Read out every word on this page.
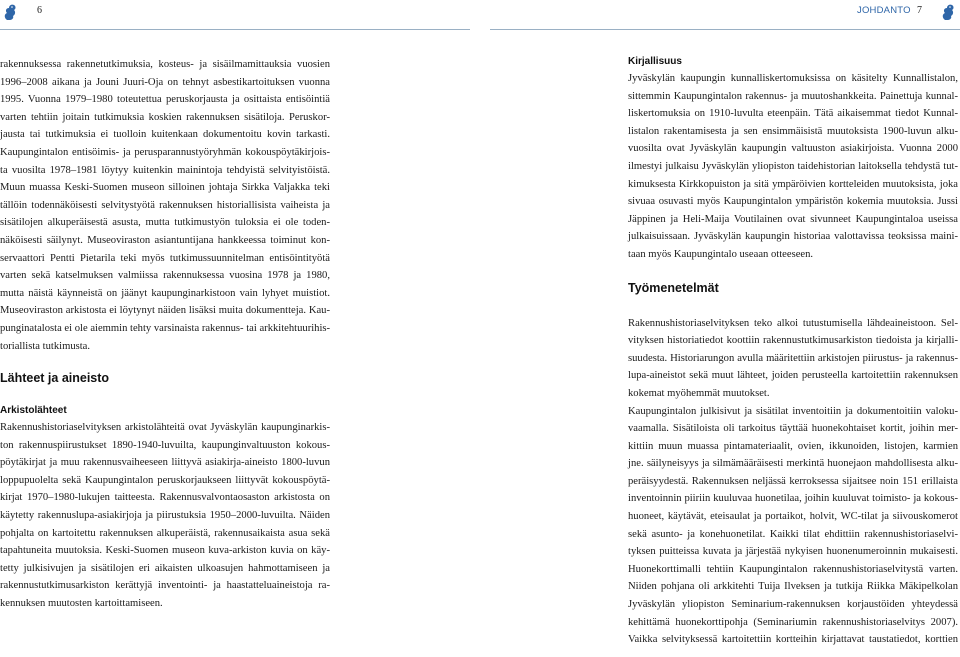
6	JOHDANTO 7

rakennuksessa rakennetutkimuksia, kosteus- ja sisäilmamittauksia vuosien

1996–2008 aikana ja Jouni Juuri-Oja on tehnyt asbestikartoituksen vuonna

1995. Vuonna 1979–1980 toteutettua peruskorjausta ja osittaista entisöintiä

varten tehtiin joitain tutkimuksia koskien rakennuksen sisätiloja. Peruskor-

jausta tai tutkimuksia ei tuolloin kuitenkaan dokumentoitu kovin tarkasti.

Kaupungintalon entisöimis- ja perusparannustyöryhmän kokouspöytäkirjois-

ta vuosilta 1978–1981 löytyy kuitenkin mainintoja tehdyistä selvityistöistä.

Muun muassa Keski-Suomen museon silloinen johtaja Sirkka Valjakka teki

tällöin todennäköisesti selvitystyötä rakennuksen historiallisista vaiheista ja

sisätilojen alkuperäisestä asusta, mutta tutkimustyön tuloksia ei ole toden-

näköisesti säilynyt. Museoviraston asiantuntijana hankkeessa toiminut kon-

servaattori Pentti Pietarila teki myös tutkimussuunnitelman entisöintityötä

varten sekä katselmuksen valmiissa rakennuksessa vuosina 1978 ja 1980,

mutta näistä käynneistä on jäänyt kaupunginarkistoon vain lyhyet muistiot.

Museoviraston arkistosta ei löytynyt näiden lisäksi muita dokumentteja. Kau-

punginatalosta ei ole aiemmin tehty varsinaista rakennus- tai arkkitehtuurihis-

toriallista tutkimusta.

Lähteet ja aineisto
Arkistolähteet

Rakennushistoriaselvityksen arkistolähteitä ovat Jyväskylän kaupunginarkis-

ton rakennuspiirustukset 1890-1940-luvuilta, kaupunginvaltuuston kokous-

pöytäkirjat ja muu rakennusvaiheeseen liittyvä asiakirja-aineisto 1800-luvun

loppupuolelta sekä Kaupungintalon peruskorjaukseen liittyvät kokouspöytä-

kirjat 1970–1980-lukujen taitteesta. Rakennusvalvontaosaston arkistosta on

käytetty rakennuslupa-asiakirjoja ja piirustuksia 1950–2000-luvuilta. Näiden

pohjalta on kartoitettu rakennuksen alkuperäistä, rakennusaikaista asua sekä

tapahtuneita muutoksia. Keski-Suomen museon kuva-arkiston kuvia on käy-

tetty julkisivujen ja sisätilojen eri aikaisten ulkoasujen hahmottamiseen ja

rakennustutkimusarkiston kerättyjä inventointi- ja haastatteluaineistoja ra-

kennuksen muutosten kartoittamiseen.

Kirjallisuus

Jyväskylän kaupungin kunnalliskertomuksissa on käsitelty Kunnallistalon,

sittemmin Kaupungintalon rakennus- ja muutoshankkeita. Painettuja kunnal-

liskertomuksia on 1910-luvulta eteenpäin. Tätä aikaisemmat tiedot Kunnal-

listalon rakentamisesta ja sen ensimmäisistä muutoksista 1900-luvun alku-

vuosilta ovat Jyväskylän kaupungin valtuuston asiakirjoista. Vuonna 2000

ilmestyi julkaisu Jyväskylän yliopiston taidehistorian laitoksella tehdystä tut-

kimuksesta Kirkkopuiston ja sitä ympäröivien kortteleiden muutoksista, joka

sivuaa osuvasti myös Kaupungintalon ympäristön kokemia muutoksia. Jussi

Jäppinen ja Heli-Maija Voutilainen ovat sivunneet Kaupungintaloa useissa

julkaisuissaan. Jyväskylän kaupungin historiaa valottavissa teoksissa maini-

taan myös Kaupungintalo useaan otteeseen.

Työmenetelmät

Rakennushistoriaselvityksen teko alkoi tutustumisella lähdeaineistoon. Sel-

vityksen historiatiedot koottiin rakennustutkimusarkiston tiedoista ja kirjalli-

suudesta. Historiarungon avulla määritettiin arkistojen piirustus- ja rakennus-

lupa-aineistot sekä muut lähteet, joiden perusteella kartoitettiin rakennuksen

kokemat myöhemmät muutokset.

Kaupungintalon julkisivut ja sisätilat inventoitiin ja dokumentoitiin valoku-

vaamalla. Sisätiloista oli tarkoitus täyttää huonekohtaiset kortit, joihin mer-

kittiin muun muassa pintamateriaalit, ovien, ikkunoiden, listojen, karmien

jne. säilyneisyys ja silmämääräisesti merkintä huonejaon mahdollisesta alku-

peräisyydestä. Rakennuksen neljässä kerroksessa sijaitsee noin 151 erillaista

inventoinnin piiriin kuuluvaa huonetilaa, joihin kuuluvat toimisto- ja kokous-

huoneet, käytävät, eteisaulat ja portaikot, holvit, WC-tilat ja siivouskomerot

sekä asunto- ja konehuonetilat. Kaikki tilat ehdittiin rakennushistoriaselvi-

tyksen puitteissa kuvata ja järjestää nykyisen huonenumeroinnin mukaisesti.

Huonekorttimalli tehtiin Kaupungintalon rakennushistoriaselvitystä varten.

Niiden pohjana oli arkkitehti Tuija Ilveksen ja tutkija Riikka Mäkipelkolan

Jyväskylän yliopiston Seminarium-rakennuksen korjaustöiden yhteydessä

kehittämä huonekorttipohja (Seminariumin rakennushistoriaselvitys 2007).

Vaikka selvityksessä kartoitettiin kortteihin kirjattavat taustatiedot, korttien
